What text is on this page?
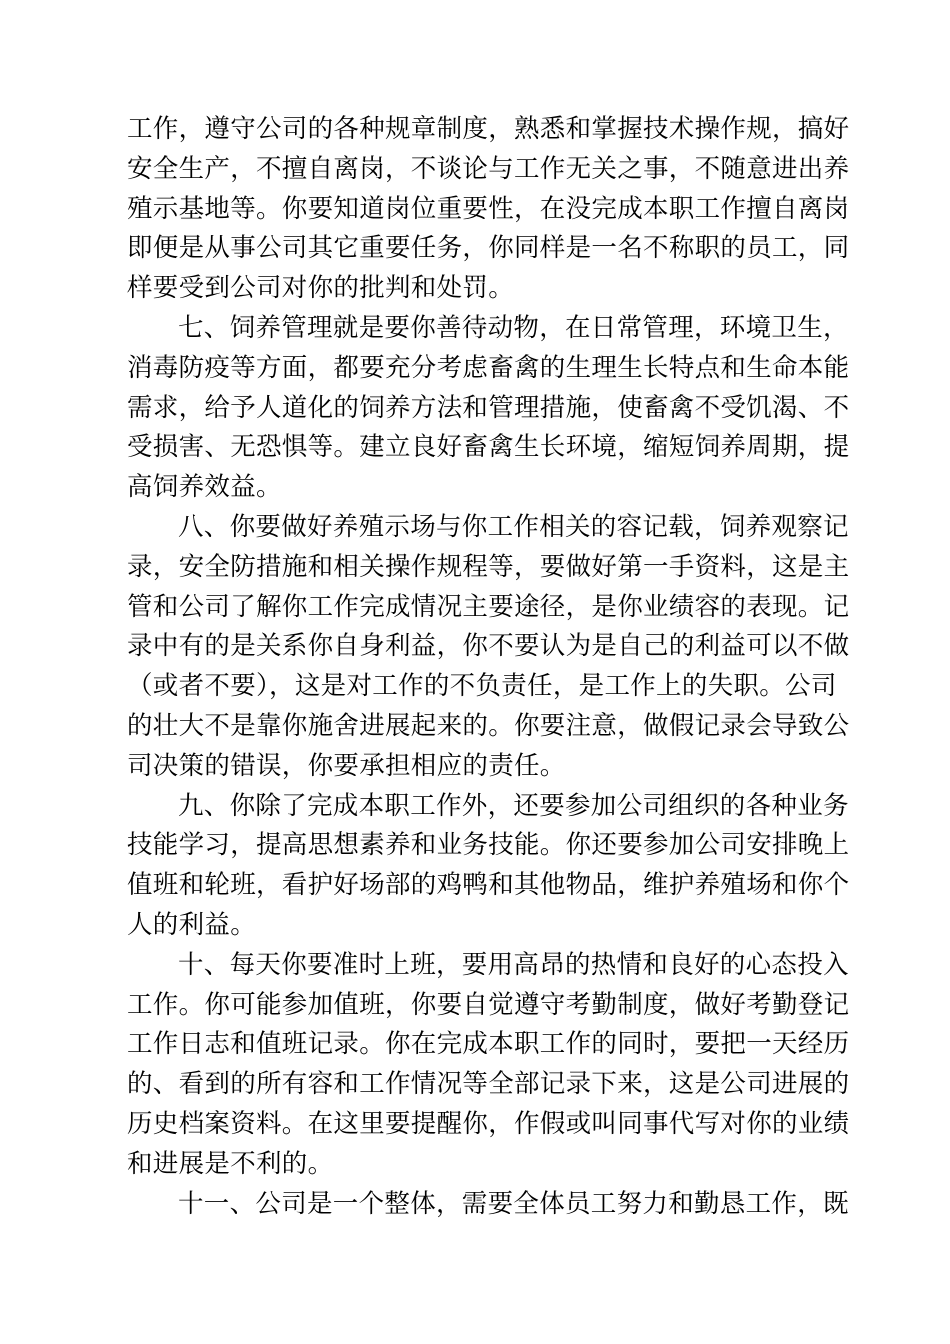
工作，遵守公司的各种规章制度，熟悉和掌握技术操作规，搞好
安全生产，不擅自离岗，不谈论与工作无关之事，不随意进出养
殖示基地等。你要知道岗位重要性，在没完成本职工作擅自离岗
即便是从事公司其它重要任务，你同样是一名不称职的员工，同
样要受到公司对你的批判和处罚。
七、饲养管理就是要你善待动物，在日常管理，环境卫生，
消毒防疫等方面，都要充分考虑畜禽的生理生长特点和生命本能
需求，给予人道化的饲养方法和管理措施，使畜禽不受饥渴、不
受损害、无恐惧等。建立良好畜禽生长环境，缩短饲养周期，提
高饲养效益。
八、你要做好养殖示场与你工作相关的容记载，饲养观察记
录，安全防措施和相关操作规程等，要做好第一手资料，这是主
管和公司了解你工作完成情况主要途径，是你业绩容的表现。记
录中有的是关系你自身利益，你不要认为是自己的利益可以不做
（或者不要），这是对工作的不负责任，是工作上的失职。公司
的壮大不是靠你施舍进展起来的。你要注意，做假记录会导致公
司决策的错误，你要承担相应的责任。
九、你除了完成本职工作外，还要参加公司组织的各种业务
技能学习，提高思想素养和业务技能。你还要参加公司安排晚上
值班和轮班，看护好场部的鸡鸭和其他物品，维护养殖场和你个
人的利益。
十、每天你要准时上班，要用高昂的热情和良好的心态投入
工作。你可能参加值班，你要自觉遵守考勤制度，做好考勤登记
工作日志和值班记录。你在完成本职工作的同时，要把一天经历
的、看到的所有容和工作情况等全部记录下来，这是公司进展的
历史档案资料。在这里要提醒你，作假或叫同事代写对你的业绩
和进展是不利的。
十一、公司是一个整体，需要全体员工努力和勤恳工作，既
